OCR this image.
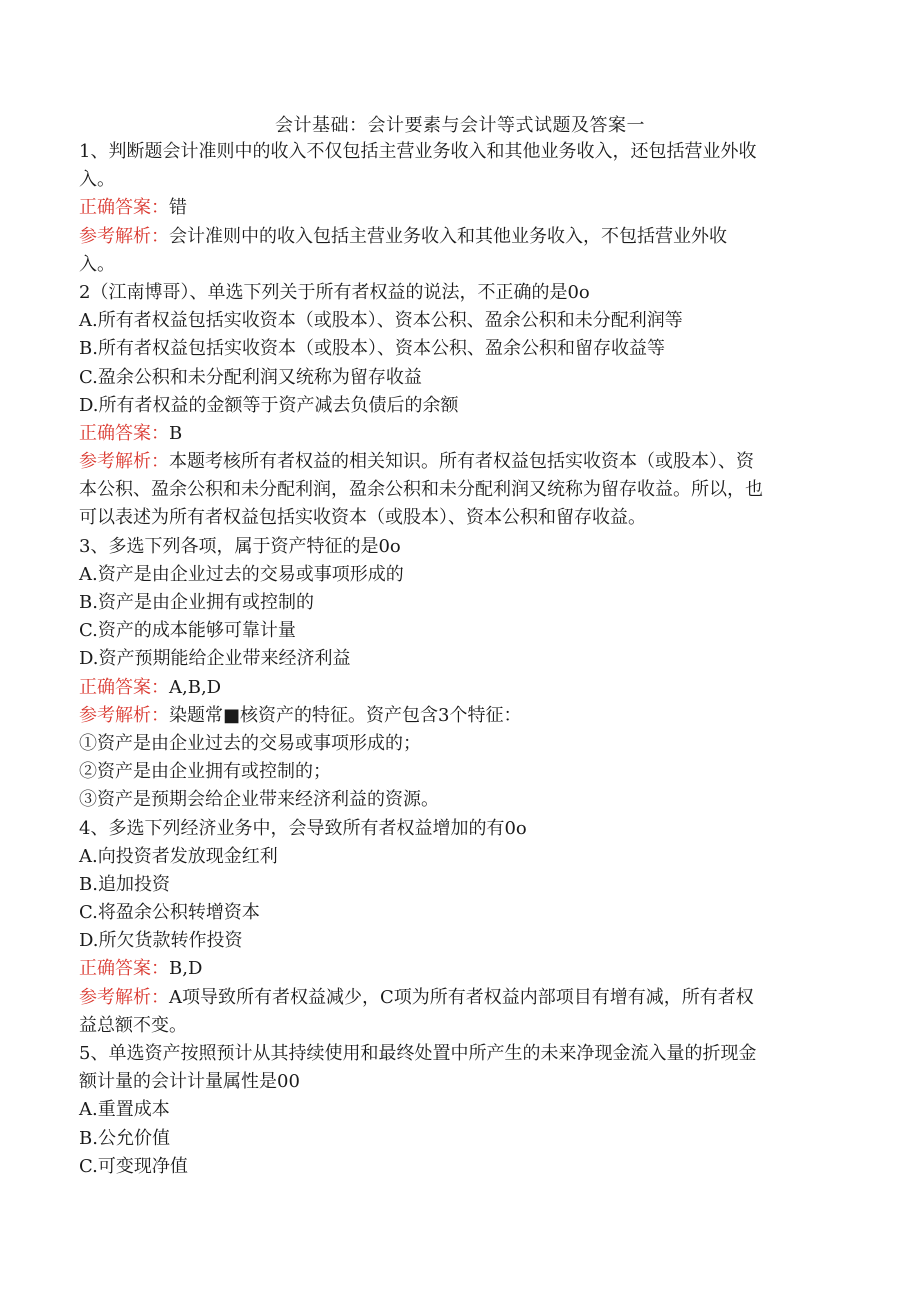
会计基础：会计要素与会计等式试题及答案一
1、判断题会计准则中的收入不仅包括主营业务收入和其他业务收入，还包括营业外收
入。
正确答案：错
参考解析：会计准则中的收入包括主营业务收入和其他业务收入，不包括营业外收
入。
2（江南博哥）、单选下列关于所有者权益的说法，不正确的是0o
A.所有者权益包括实收资本（或股本）、资本公积、盈余公积和未分配利润等
B.所有者权益包括实收资本（或股本）、资本公积、盈余公积和留存收益等
C.盈余公积和未分配利润又统称为留存收益
D.所有者权益的金额等于资产减去负债后的余额
正确答案：B
参考解析：本题考核所有者权益的相关知识。所有者权益包括实收资本（或股本）、资
本公积、盈余公积和未分配利润，盈余公积和未分配利润又统称为留存收益。所以，也
可以表述为所有者权益包括实收资本（或股本）、资本公积和留存收益。
3、多选下列各项，属于资产特征的是0o
A.资产是由企业过去的交易或事项形成的
B.资产是由企业拥有或控制的
C.资产的成本能够可靠计量
D.资产预期能给企业带来经济利益
正确答案：A,B,D
参考解析：染题常■核资产的特征。资产包含3个特征：
①资产是由企业过去的交易或事项形成的；
②资产是由企业拥有或控制的；
③资产是预期会给企业带来经济利益的资源。
4、多选下列经济业务中，会导致所有者权益增加的有0o
A.向投资者发放现金红利
B.追加投资
C.将盈余公积转增资本
D.所欠货款转作投资
正确答案：B,D
参考解析：A项导致所有者权益减少，C项为所有者权益内部项目有增有减，所有者权
益总额不变。
5、单选资产按照预计从其持续使用和最终处置中所产生的未来净现金流入量的折现金
额计量的会计计量属性是00
A.重置成本
B.公允价值
C.可变现净值
